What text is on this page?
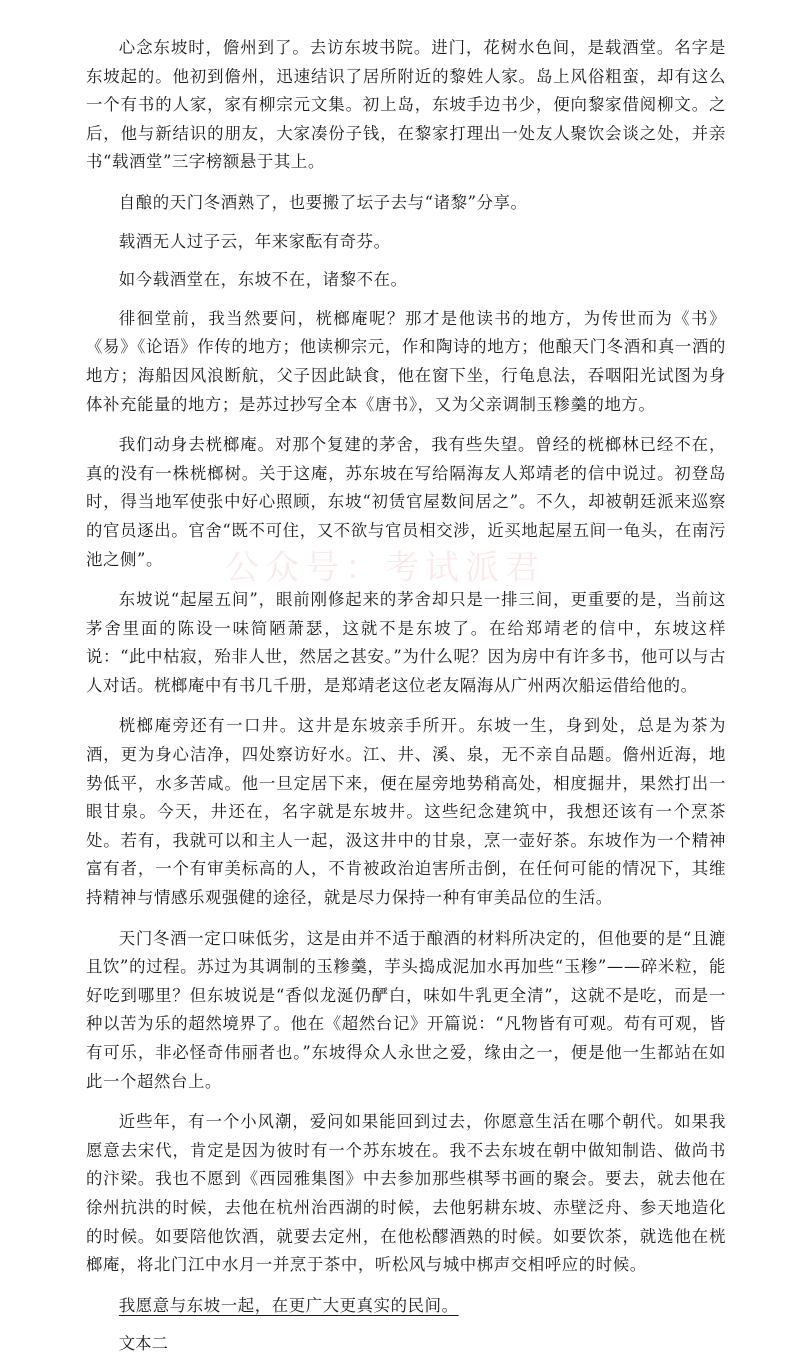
公众号：考试派君

心念东坡时，儋州到了。去访东坡书院。进门，花树水色间，是载酒堂。名字是东坡起的。他初到儋州，迅速结识了居所附近的黎姓人家。岛上风俗粗蛮，却有这么一个有书的人家，家有柳宗元文集。初上岛，东坡手边书少，便向黎家借阅柳文。之后，他与新结识的朋友，大家凑份子钱，在黎家打理出一处友人聚饮会谈之处，并亲书“载酒堂”三字榜额悬于其上。

自酿的天门冬酒熟了，也要搬了坛子去与“诸黎”分享。

载酒无人过子云，年来家酝有奇芬。

如今载酒堂在，东坡不在，诸黎不在。

徘徊堂前，我当然要问，桄榔庵呢？那才是他读书的地方，为传世而为《书》《易》《论语》作传的地方；他读柳宗元，作和陶诗的地方；他酿天门冬酒和真一酒的地方；海船因风浪断航，父子因此缺食，他在窗下坐，行龟息法，吞咽阳光试图为身体补充能量的地方；是苏过抄写全本《唐书》，又为父亲调制玉糁羹的地方。

我们动身去桄榔庵。对那个复建的茅舍，我有些失望。曾经的桄榔林已经不在，真的没有一株桄榔树。关于这庵，苏东坡在写给隔海友人郑靖老的信中说过。初登岛时，得当地军使张中好心照顾，东坡“初赁官屋数间居之”。不久，却被朝廷派来巡察的官员逐出。官舍“既不可住，又不欲与官员相交涉，近买地起屋五间一龟头，在南污池之侧”。

东坡说“起屋五间”，眼前刚修起来的茅舍却只是一排三间，更重要的是，当前这茅舍里面的陈设一味简陋萧瑟，这就不是东坡了。在给郑靖老的信中，东坡这样说：“此中枯寂，殆非人世，然居之甚安。”为什么呢？因为房中有许多书，他可以与古人对话。桄榔庵中有书几千册，是郑靖老这位老友隔海从广州两次船运借给他的。

桄榔庵旁还有一口井。这井是东坡亲手所开。东坡一生，身到处，总是为茶为酒，更为身心洁净，四处察访好水。江、井、溪、泉，无不亲自品题。儋州近海，地势低平，水多苦咸。他一旦定居下来，便在屋旁地势稍高处，相度掘井，果然打出一眼甘泉。今天，井还在，名字就是东坡井。这些纪念建筑中，我想还该有一个烹茶处。若有，我就可以和主人一起，汲这井中的甘泉，烹一壶好茶。东坡作为一个精神富有者，一个有审美标高的人，不肯被政治迫害所击倒，在任何可能的情况下，其维持精神与情感乐观强健的途径，就是尽力保持一种有审美品位的生活。

天门冬酒一定口味低劣，这是由并不适于酿酒的材料所决定的，但他要的是“且漉且饮”的过程。苏过为其调制的玉糁羹，芋头捣成泥加水再加些“玉糁”——碎米粒，能好吃到哪里？但东坡说是“香似龙涎仍酽白，味如牛乳更全清”，这就不是吃，而是一种以苦为乐的超然境界了。他在《超然台记》开篇说：“凡物皆有可观。苟有可观，皆有可乐，非必怪奇伟丽者也。”东坡得众人永世之爱，缘由之一，便是他一生都站在如此一个超然台上。

近些年，有一个小风潮，爱问如果能回到过去，你愿意生活在哪个朝代。如果我愿意去宋代，肯定是因为彼时有一个苏东坡在。我不去东坡在朝中做知制诰、做尚书的汴梁。我也不愿到《西园雅集图》中去参加那些棋琴书画的聚会。要去，就去他在徐州抗洪的时候，去他在杭州治西湖的时候，去他躬耕东坡、赤壁泛舟、参天地造化的时候。如要陪他饮酒，就要去定州，在他松醪酒熟的时候。如要饮茶，就选他在桄榔庵，将北门江中水月一并烹于茶中，听松风与城中梆声交相呼应的时候。

我愿意与东坡一起，在更广大更真实的民间。

文本二
